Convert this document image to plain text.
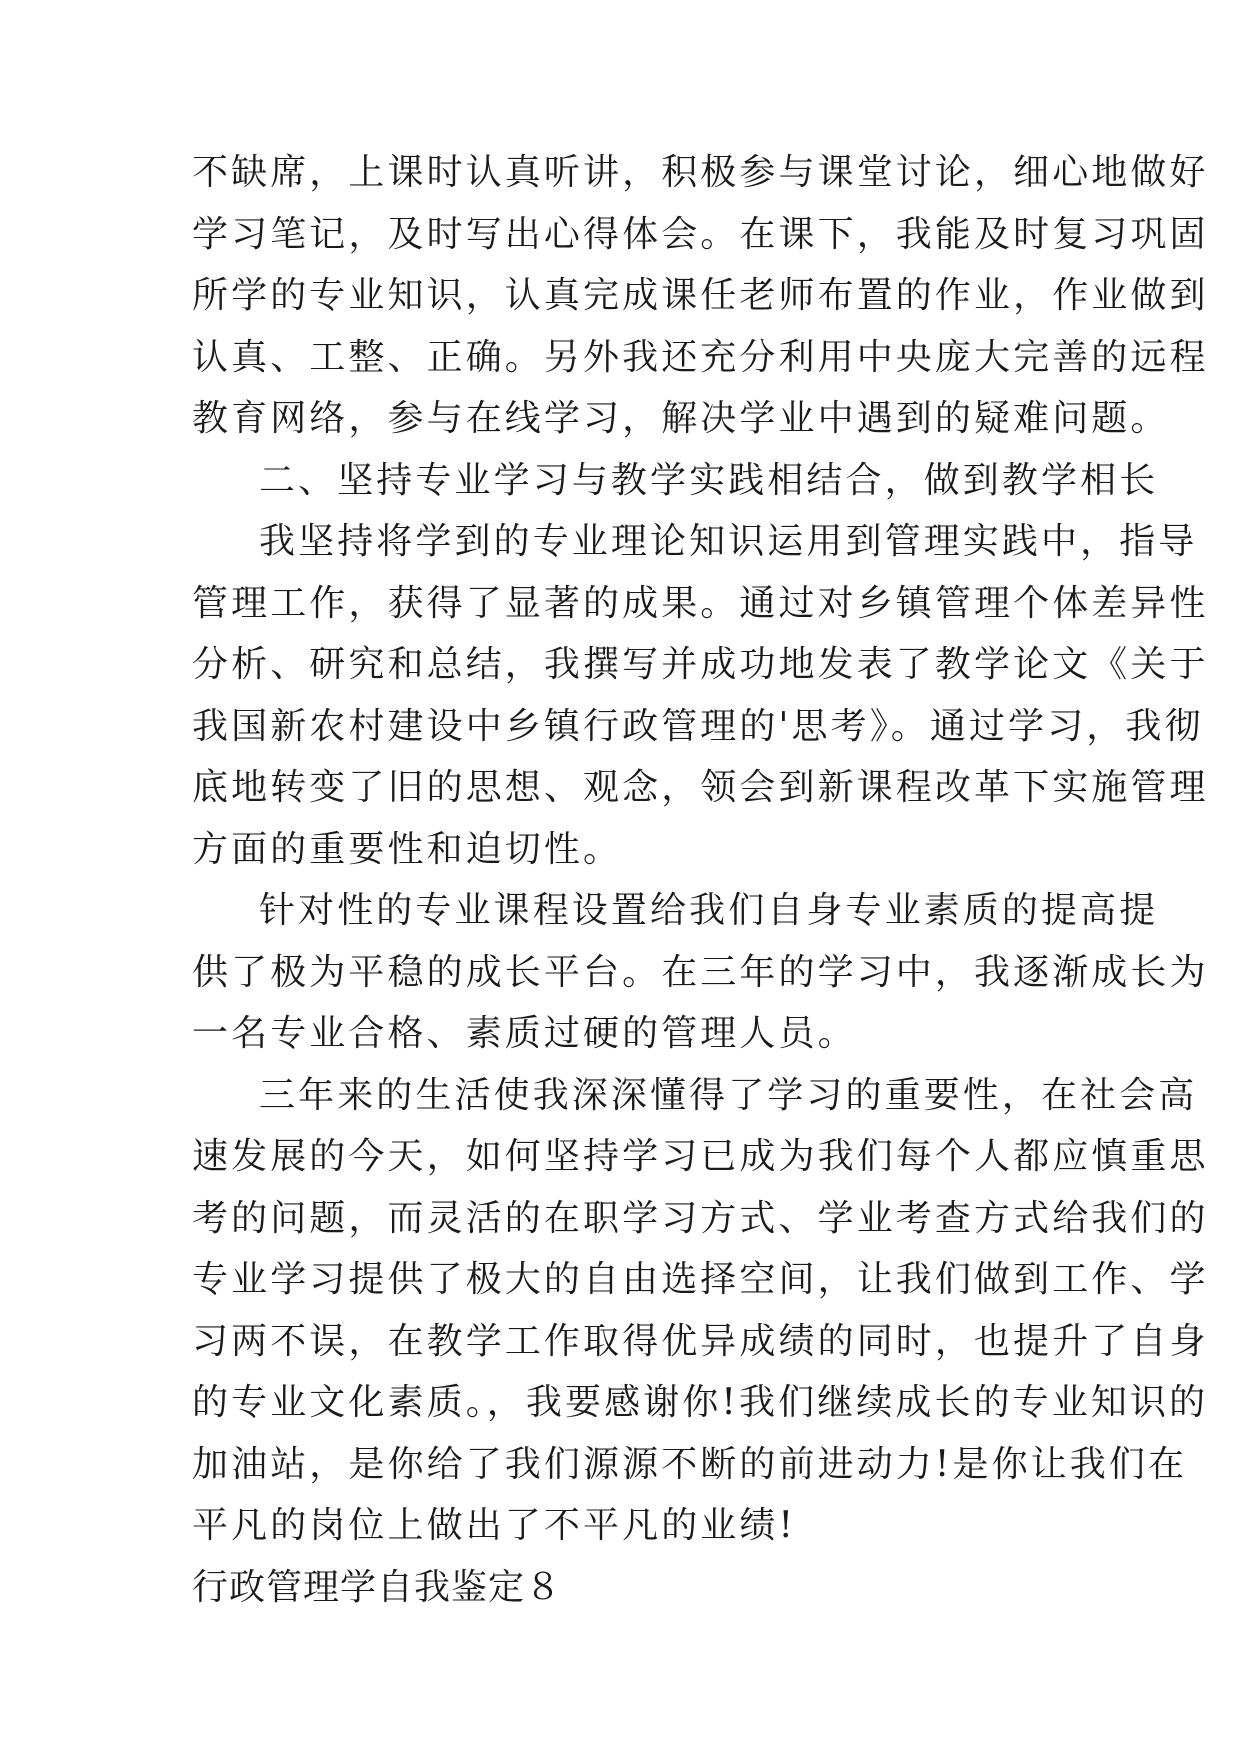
不缺席，上课时认真听讲，积极参与课堂讨论，细心地做好
学习笔记，及时写出心得体会。在课下，我能及时复习巩固
所学的专业知识，认真完成课任老师布置的作业，作业做到
认真、工整、正确。另外我还充分利用中央庞大完善的远程
教育网络，参与在线学习，解决学业中遇到的疑难问题。
二、坚持专业学习与教学实践相结合，做到教学相长
我坚持将学到的专业理论知识运用到管理实践中，指导
管理工作，获得了显著的成果。通过对乡镇管理个体差异性
分析、研究和总结，我撰写并成功地发表了教学论文《关于
我国新农村建设中乡镇行政管理的'思考》。通过学习，我彻
底地转变了旧的思想、观念，领会到新课程改革下实施管理
方面的重要性和迫切性。
针对性的专业课程设置给我们自身专业素质的提高提
供了极为平稳的成长平台。在三年的学习中，我逐渐成长为
一名专业合格、素质过硬的管理人员。
三年来的生活使我深深懂得了学习的重要性，在社会高
速发展的今天，如何坚持学习已成为我们每个人都应慎重思
考的问题，而灵活的在职学习方式、学业考查方式给我们的
专业学习提供了极大的自由选择空间，让我们做到工作、学
习两不误，在教学工作取得优异成绩的同时，也提升了自身
的专业文化素质。，我要感谢你!我们继续成长的专业知识的
加油站，是你给了我们源源不断的前进动力!是你让我们在
平凡的岗位上做出了不平凡的业绩!
行政管理学自我鉴定８
